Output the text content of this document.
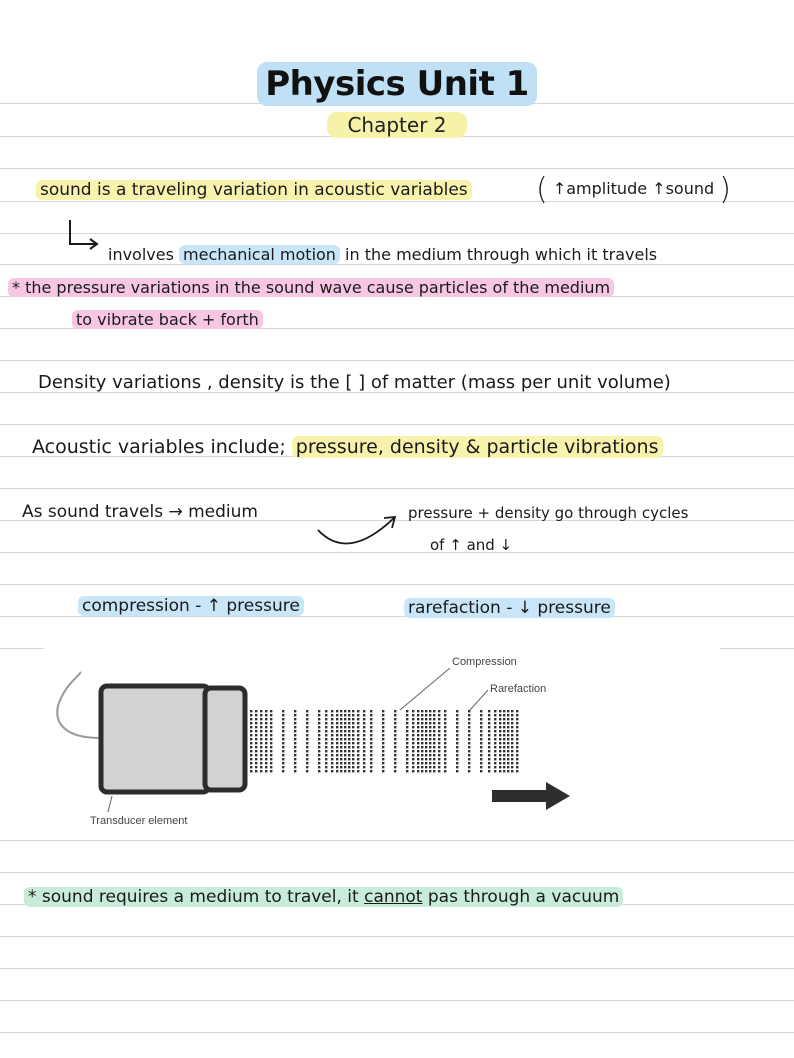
Physics Unit 1
Chapter 2
sound is a traveling variation in acoustic variables ( ↑amplitude ↑sound )
involves mechanical motion in the medium through which it travels
* the pressure variations in the sound wave cause particles of the medium
to vibrate back + forth
Density variations , density is the [ ] of matter (mass per unit volume)
Acoustic variables include; pressure, density & particle vibrations
As sound travels → medium	pressure + density go through cycles
of ↑ and ↓
compression - ↑ pressure	rarefaction - ↓ pressure
Compression
Rarefaction
Transducer element
* sound requires a medium to travel, it cannot pas through a vacuum
